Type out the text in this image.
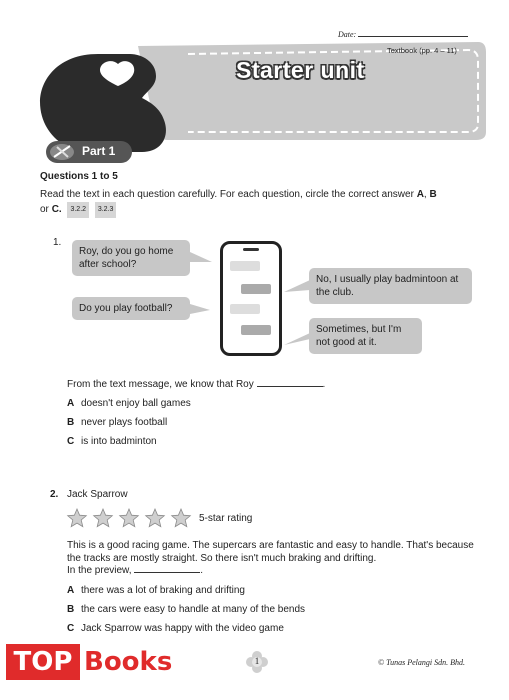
Date:
Textbook (pp. 4 – 11)
Starter unit
Part 1
Questions 1 to 5
Read the text in each question carefully. For each question, circle the correct answer A, B
or C. 3.2.2 3.2.3
1.
Roy, do you go home after school?
Do you play football?
No, I usually play badmintoon at the club.
Sometimes, but I'm not good at it.
From the text message, we know that Roy	.
A doesn't enjoy ball games
B never plays football
C is into badminton
2. Jack Sparrow
5-star rating
This is a good racing game. The supercars are fantastic and easy to handle. That's because the tracks are mostly straight. So there isn't much braking and drifting.
In the preview,	.
A there was a lot of braking and drifting
B the cars were easy to handle at many of the bends
C Jack Sparrow was happy with the video game
TOP Books	1	© Tunas Pelangi Sdn. Bhd.
